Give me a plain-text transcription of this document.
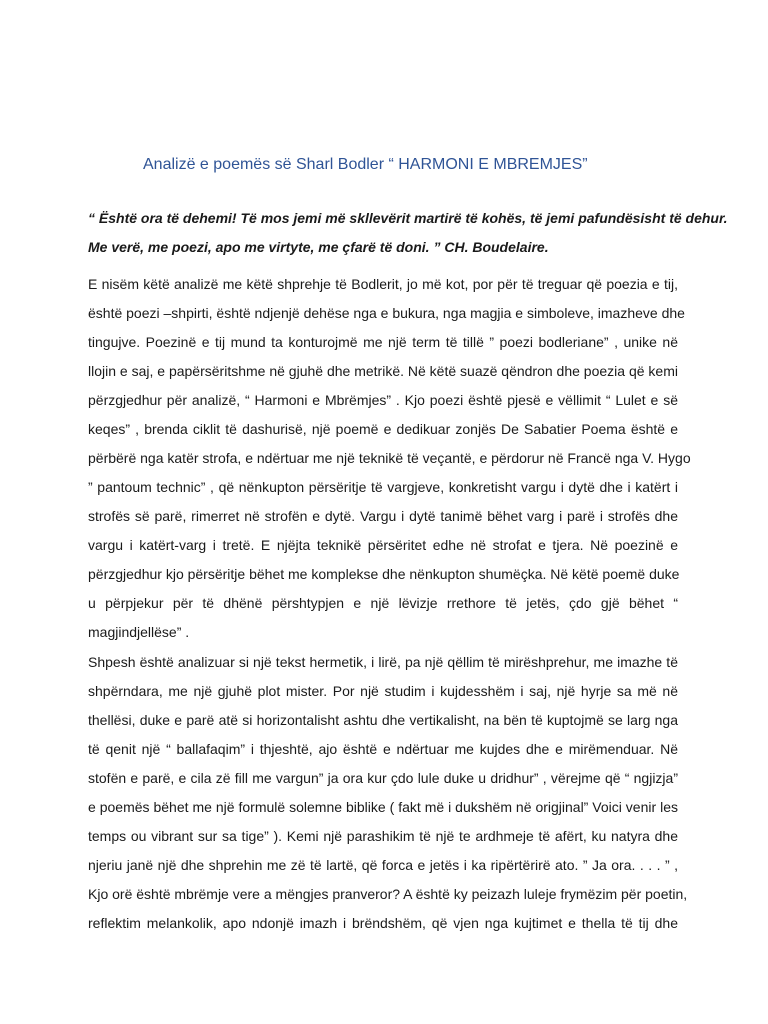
Analizë e poemës së Sharl Bodler “ HARMONI E MBREMJES”
“ Është ora të dehemi! Të mos jemi më skllevërit martirë të kohës, të jemi pafundësisht të dehur.
Me verë, me poezi, apo me virtyte, me çfarë të doni. ” CH. Boudelaire.
E nisëm këtë analizë me këtë shprehje të Bodlerit, jo më kot, por për të treguar që poezia e tij,
është poezi –shpirti, është ndjenjë dehëse nga e bukura, nga magjia e simboleve, imazheve dhe
tingujve. Poezinë e tij mund ta konturojmë me një term të tillë ” poezi bodleriane” , unike në
llojin e saj, e papërsëritshme në gjuhë dhe metrikë. Në këtë suazë qëndron dhe poezia që kemi
përzgjedhur për analizë, “ Harmoni e Mbrëmjes” . Kjo poezi është pjesë e vëllimit “ Lulet e së
keqes” , brenda ciklit të dashurisë, një poemë e dedikuar zonjës De Sabatier Poema është e
përbërë nga katër strofa, e ndërtuar me një teknikë të veçantë, e përdorur në Francë nga V. Hygo
” pantoum technic” , që nënkupton përsëritje të vargjeve, konkretisht vargu i dytë dhe i katërt i
strofës së parë, rimerret në strofën e dytë. Vargu i dytë tanimë bëhet varg i parë i strofës dhe
vargu i katërt-varg i tretë. E njëjta teknikë përsëritet edhe në strofat e tjera. Në poezinë e
përzgjedhur kjo përsëritje bëhet me komplekse dhe nënkupton shumëçka. Në këtë poemë duke
u përpjekur për të dhënë përshtypjen e një lëvizje rrethore të jetës, çdo gjë bëhet “
magjindjellëse” .
Shpesh është analizuar si një tekst hermetik, i lirë, pa një qëllim të mirëshprehur, me imazhe të
shpërndara, me një gjuhë plot mister. Por një studim i kujdesshëm i saj, një hyrje sa më në
thellësi, duke e parë atë si horizontalisht ashtu dhe vertikalisht, na bën të kuptojmë se larg nga
të qenit një “ ballafaqim” i thjeshtë, ajo është e ndërtuar me kujdes dhe e mirëmenduar. Në
stofën e parë, e cila zë fill me vargun” ja ora kur çdo lule duke u dridhur” , vërejme që “ ngjizja”
e poemës bëhet me një formulë solemne biblike ( fakt më i dukshëm në origjinal” Voici venir les
temps ou vibrant sur sa tige” ). Kemi një parashikim të një te ardhmeje të afërt, ku natyra dhe
njeriu janë një dhe shprehin me zë të lartë, që forca e jetës i ka ripërtërirë ato. ” Ja ora. . . . ” ,
Kjo orë është mbrëmje vere a mëngjes pranveror? A është ky peizazh luleje frymëzim për poetin,
reflektim melankolik, apo ndonjë imazh i brëndshëm, që vjen nga kujtimet e thella të tij dhe
